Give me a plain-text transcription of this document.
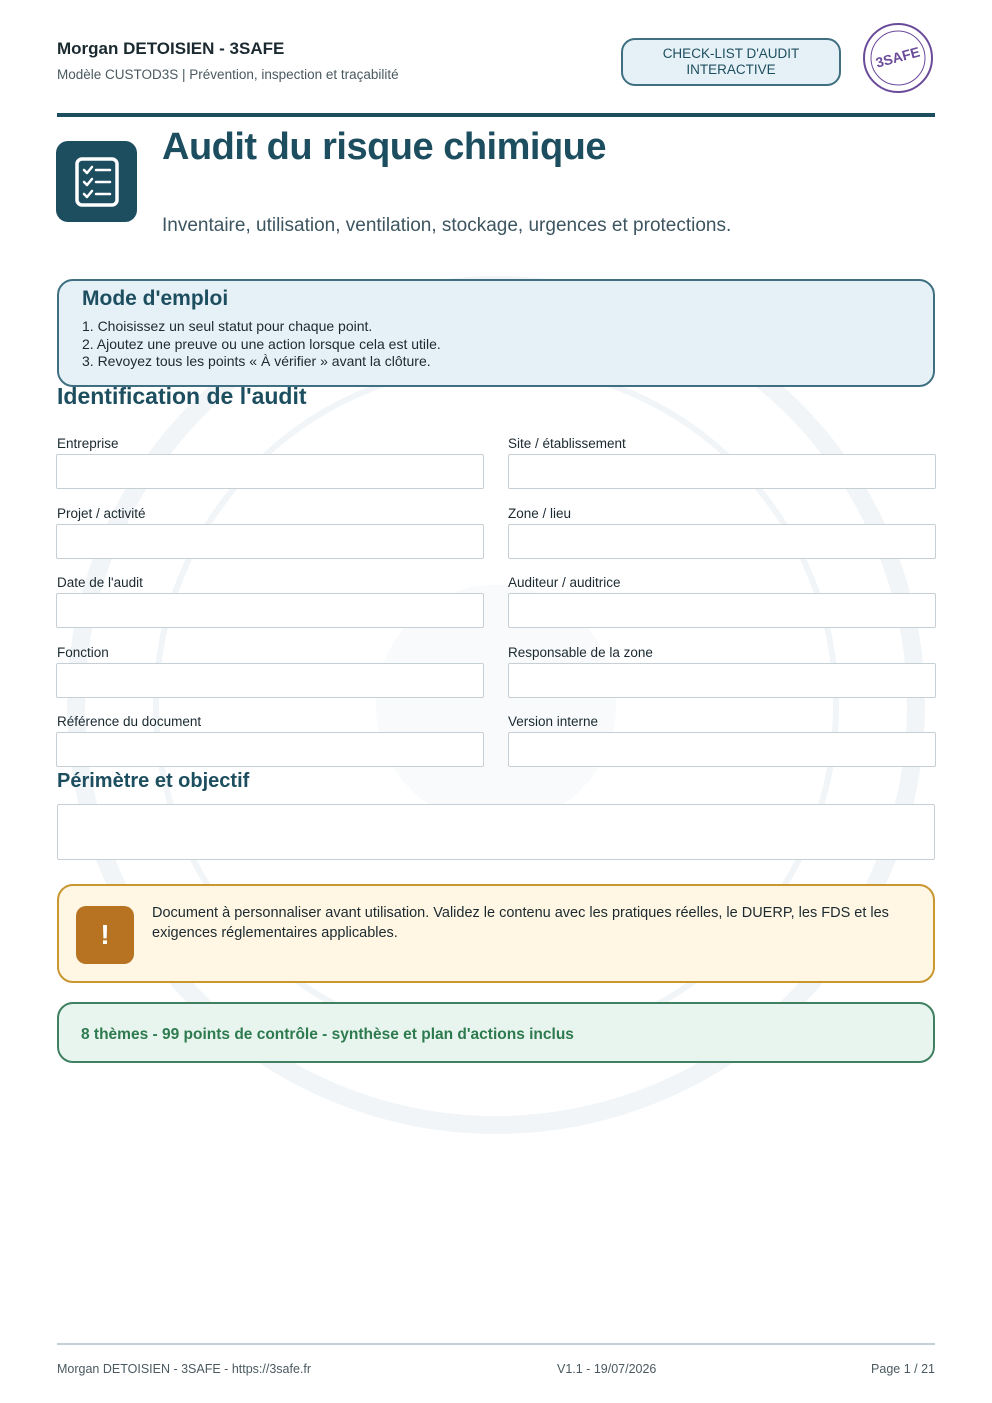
Morgan DETOISIEN - 3SAFE
Modèle CUSTOD3S | Prévention, inspection et traçabilité
CHECK-LIST D'AUDIT INTERACTIVE	3SAFE
Audit du risque chimique
Inventaire, utilisation, ventilation, stockage, urgences et protections.
Mode d'emploi
1. Choisissez un seul statut pour chaque point.
2. Ajoutez une preuve ou une action lorsque cela est utile.
3. Revoyez tous les points « À vérifier » avant la clôture.
Identification de l'audit
Entreprise	Site / établissement
Projet / activité	Zone / lieu
Date de l'audit	Auditeur / auditrice
Fonction	Responsable de la zone
Référence du document	Version interne
Périmètre et objectif
!
Document à personnaliser avant utilisation. Validez le contenu avec les pratiques réelles, le DUERP, les FDS et les exigences réglementaires applicables.
8 thèmes - 99 points de contrôle - synthèse et plan d'actions inclus
Morgan DETOISIEN - 3SAFE - https://3safe.fr	V1.1 - 19/07/2026	Page 1 / 21
